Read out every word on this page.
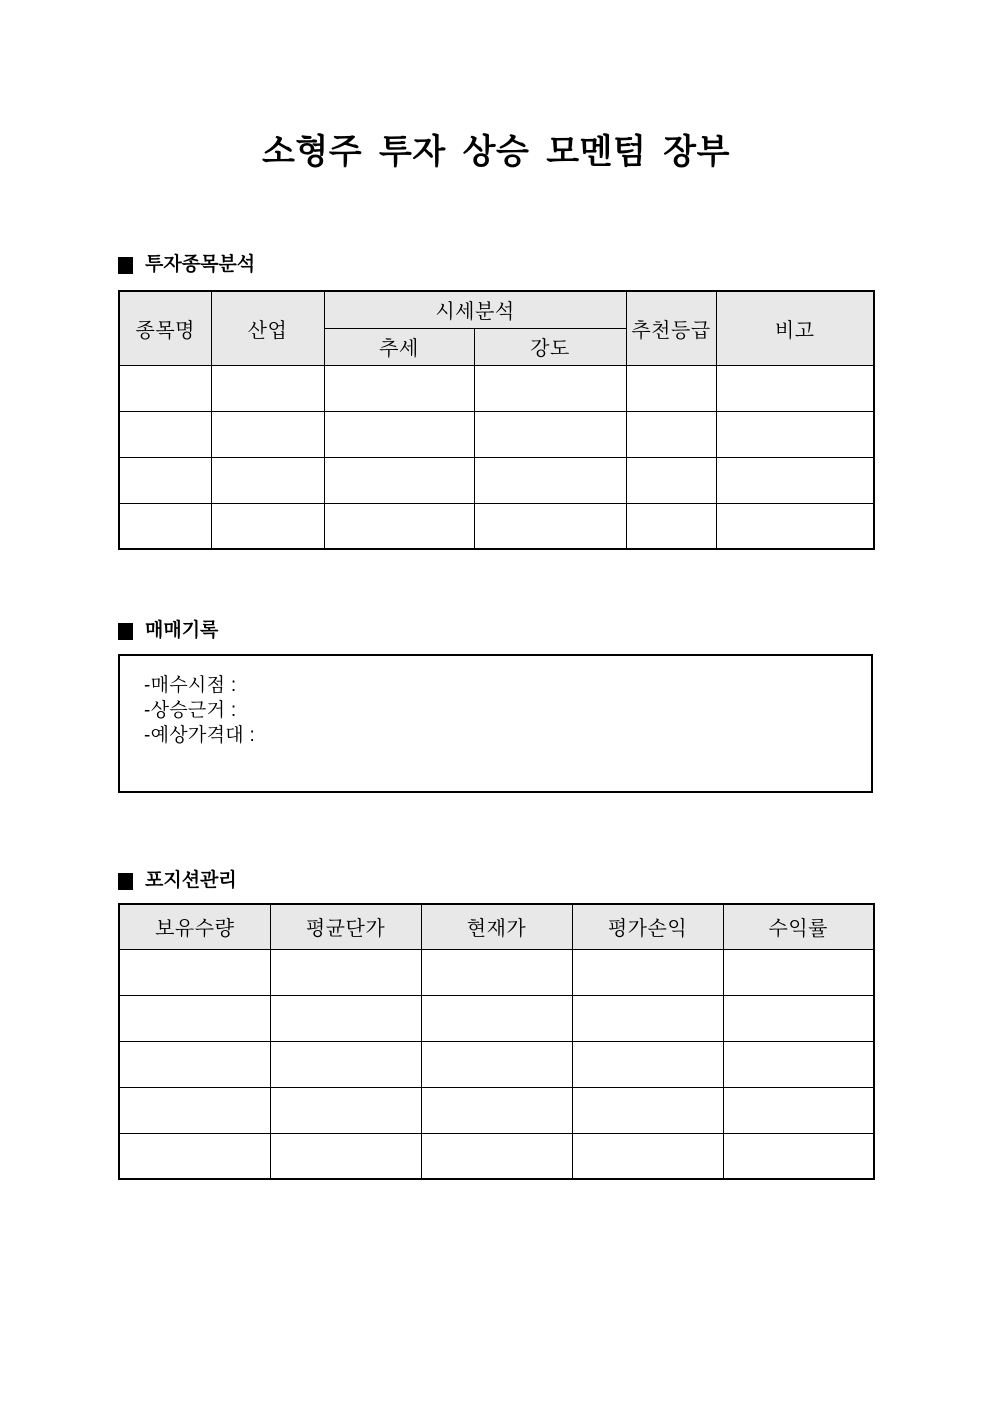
소형주 투자 상승 모멘텀 장부
투자종목분석
종목명	산업	시세분석		추천등급	비고
		추세	강도		

매매기록
-매수시점 :
-상승근거 :
-예상가격대 :
포지션관리
보유수량	평균단가	현재가	평가손익	수익률
